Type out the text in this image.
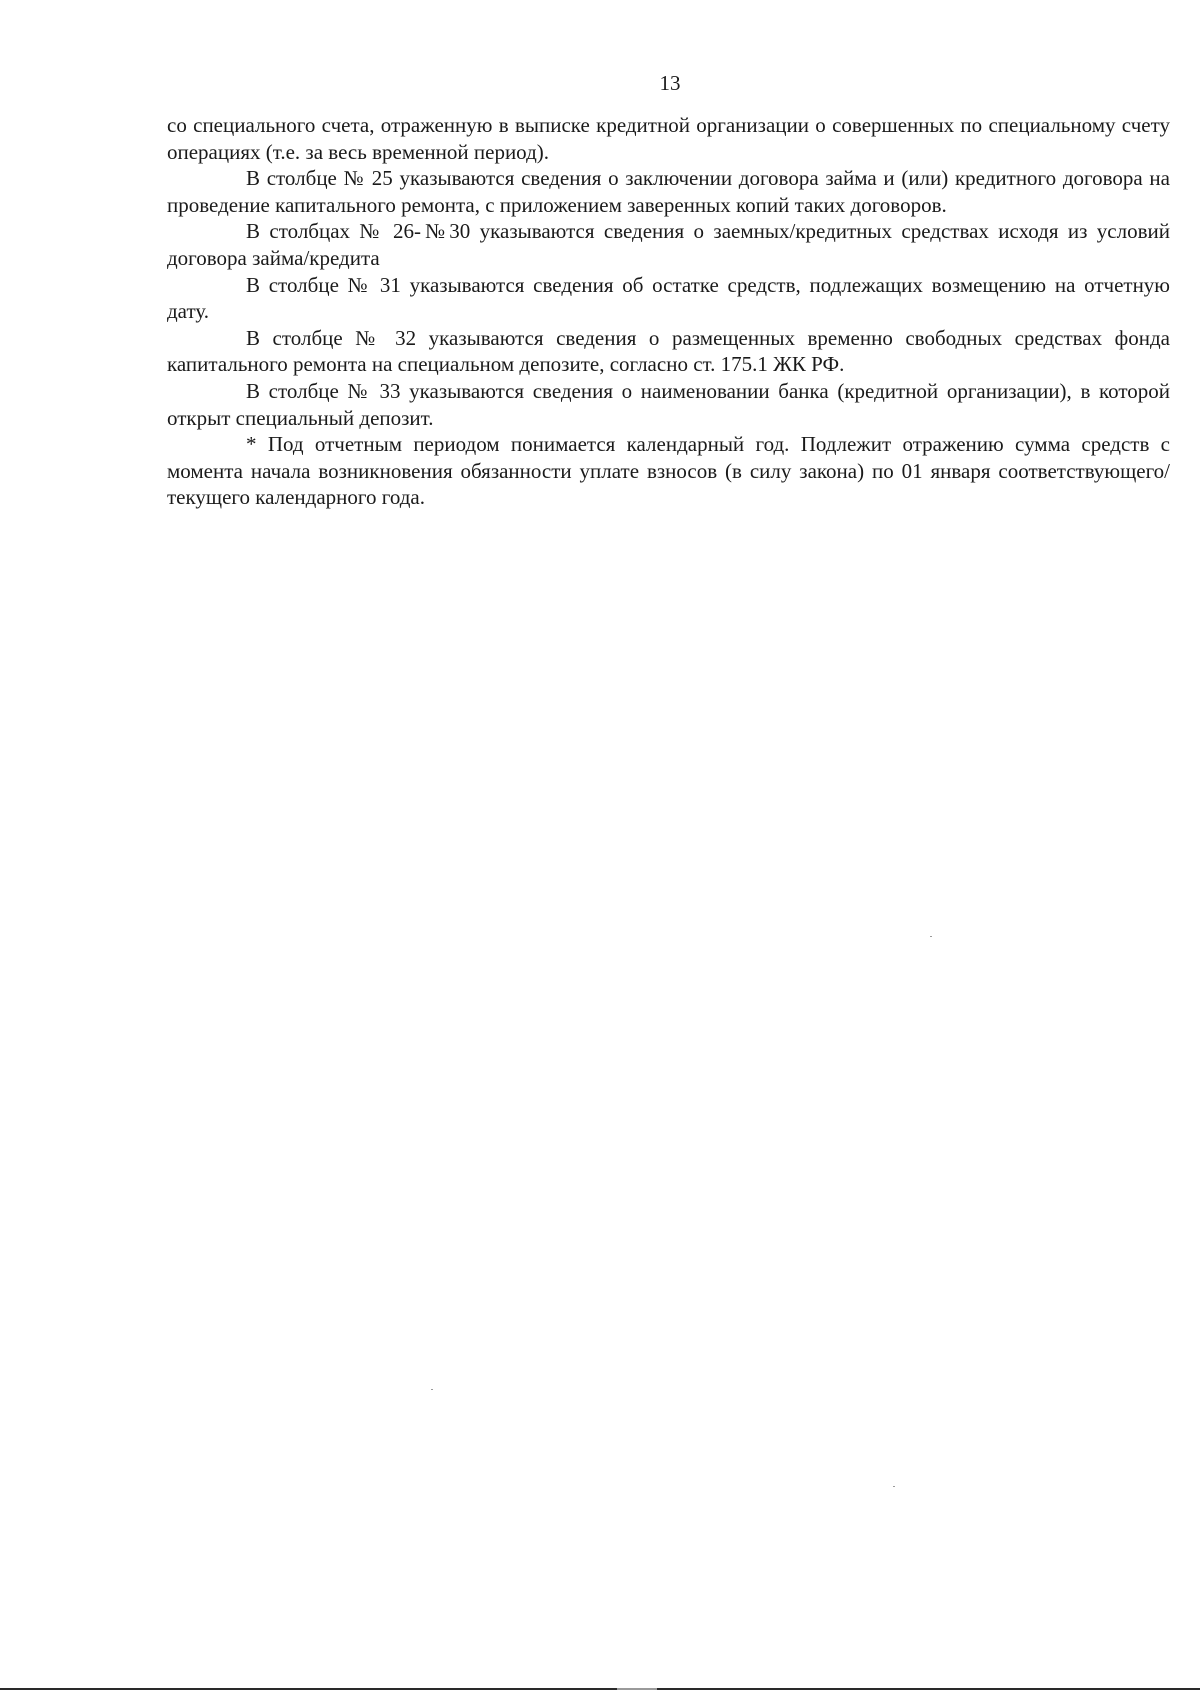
13

со специального счета, отраженную в выписке кредитной организации о совершенных по специальному счету операциях (т.е. за весь временной период).

В столбце № 25 указываются сведения о заключении договора займа и (или) кредитного договора на проведение капитального ремонта, с приложением заверенных копий таких договоров.

В столбцах № 26-№30 указываются сведения о заемных/кредитных средствах исходя из условий договора займа/кредита

В столбце № 31 указываются сведения об остатке средств, подлежащих возмещению на отчетную дату.

В столбце № 32 указываются сведения о размещенных временно свободных средствах фонда капитального ремонта на специальном депозите, согласно ст. 175.1 ЖК РФ.

В столбце № 33 указываются сведения о наименовании банка (кредитной организации), в которой открыт специальный депозит.

* Под отчетным периодом понимается календарный год. Подлежит отражению сумма средств с момента начала возникновения обязанности уплате взносов (в силу закона) по 01 января соответствующего/текущего календарного года.
